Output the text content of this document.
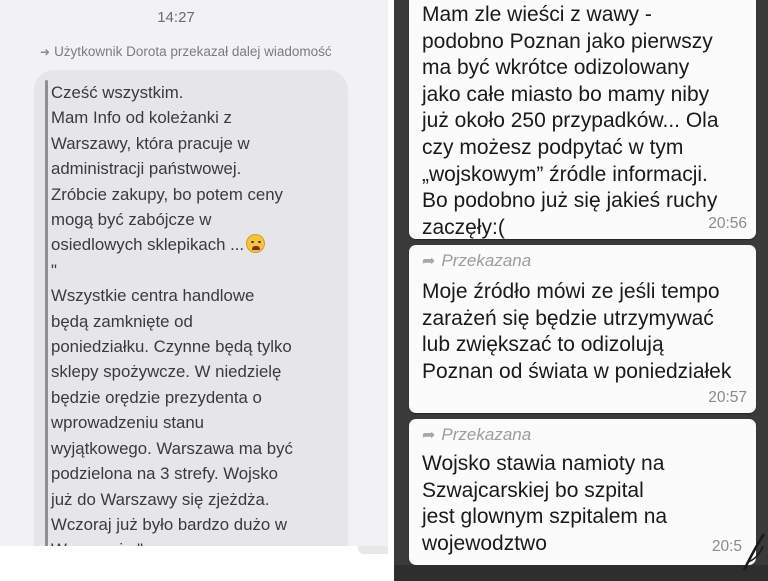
14:27
➜ Użytkownik Dorota przekazał dalej wiadomość
Cześć wszystkim.
Mam Info od koleżanki z
Warszawy, która pracuje w
administracji państwowej.
Zróbcie zakupy, bo potem ceny
mogą być zabójcze w
osiedlowych sklepikach ...
"
Wszystkie centra handlowe
będą zamknięte od
poniedziałku. Czynne będą tylko
sklepy spożywcze. W niedzielę
będzie orędzie prezydenta o
wprowadzeniu stanu
wyjątkowego. Warszawa ma być
podzielona na 3 strefy. Wojsko
już do Warszawy się zjeżdża.
Wczoraj już było bardzo dużo w
Mam zle wieści z wawy -
podobno Poznan jako pierwszy
ma być wkrótce odizolowany
jako całe miasto bo mamy niby
już około 250 przypadków... Ola
czy możesz podpytać w tym
„wojskowym” źródle informacji.
Bo podobno już się jakieś ruchy
zaczęły:(	20:56
➦ Przekazana
Moje źródło mówi ze jeśli tempo
zarażeń się będzie utrzymywać
lub zwiększać to odizolują
Poznan od świata w poniedziałek
20:57
➦ Przekazana
Wojsko stawia namioty na
Szwajcarskiej bo szpital
jest glownym szpitalem na
wojewodztwo	20:5
